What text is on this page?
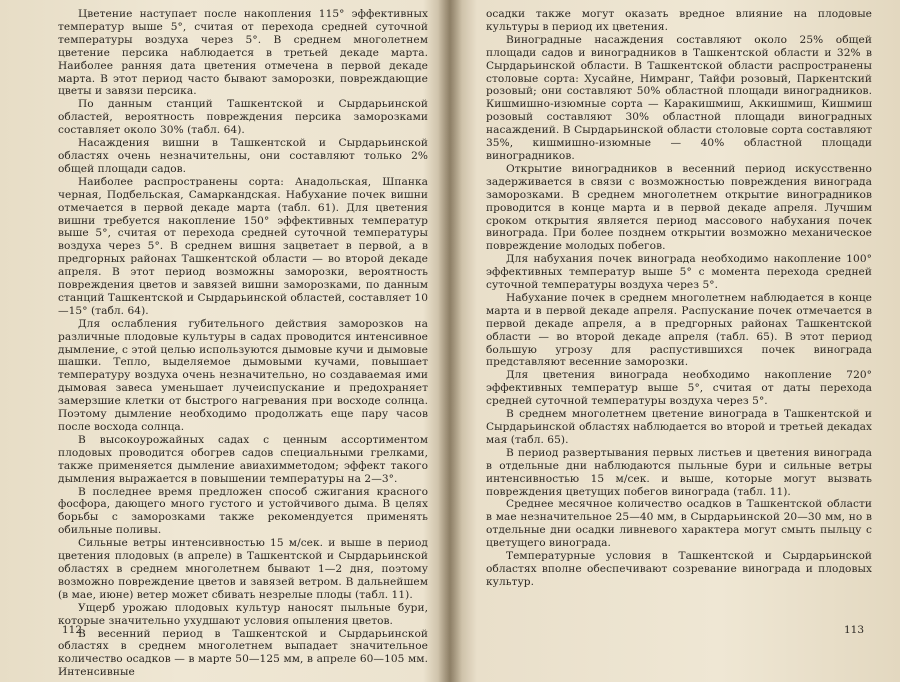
Цветение наступает после накопления 115° эффективных температур выше 5°, считая от перехода средней суточной температуры воздуха через 5°. В среднем многолетнем цветение персика наблюдается в третьей декаде марта. Наиболее ранняя дата цветения отмечена в первой декаде марта. В этот период часто бывают заморозки, повреждающие цветы и завязи персика.

По данным станций Ташкентской и Сырдарьинской областей, вероятность повреждения персика заморозками составляет около 30% (табл. 64).

Насаждения вишни в Ташкентской и Сырдарьинской областях очень незначительны, они составляют только 2% общей площади садов.

Наиболее распространены сорта: Анадольская, Шпанка черная, Подбельская, Самаркандская. Набухание почек вишни отмечается в первой декаде марта (табл. 61). Для цветения вишни требуется накопление 150° эффективных температур выше 5°, считая от перехода средней суточной температуры воздуха через 5°. В среднем вишня зацветает в первой, а в предгорных районах Ташкентской области — во второй декаде апреля. В этот период возможны заморозки, вероятность повреждения цветов и завязей вишни заморозками, по данным станций Ташкентской и Сырдарьинской областей, составляет 10—15° (табл. 64).

Для ослабления губительного действия заморозков на различные плодовые культуры в садах проводится интенсивное дымление, с этой целью используются дымовые кучи и дымовые шашки. Тепло, выделяемое дымовыми кучами, повышает температуру воздуха очень незначительно, но создаваемая ими дымовая завеса уменьшает лучеиспускание и предохраняет замерзшие клетки от быстрого нагревания при восходе солнца. Поэтому дымление необходимо продолжать еще пару часов после восхода солнца.

В высокоурожайных садах с ценным ассортиментом плодовых проводится обогрев садов специальными грелками, также применяется дымление авиахимметодом; эффект такого дымления выражается в повышении температуры на 2—3°.

В последнее время предложен способ сжигания красного фосфора, дающего много густого и устойчивого дыма. В целях борьбы с заморозками также рекомендуется применять обильные поливы.

Сильные ветры интенсивностью 15 м/сек. и выше в период цветения плодовых (в апреле) в Ташкентской и Сырдарьинской областях в среднем многолетнем бывают 1—2 дня, поэтому возможно повреждение цветов и завязей ветром. В дальнейшем (в мае, июне) ветер может сбивать незрелые плоды (табл. 11).

Ущерб урожаю плодовых культур наносят пыльные бури, которые значительно ухудшают условия опыления цветов.

В весенний период в Ташкентской и Сырдарьинской областях в среднем многолетнем выпадает значительное количество осадков — в марте 50—125 мм, в апреле 60—105 мм. Интенсивные

112

осадки также могут оказать вредное влияние на плодовые культуры в период их цветения.

Виноградные насаждения составляют около 25% общей площади садов и виноградников в Ташкентской области и 32% в Сырдарьинской области. В Ташкентской области распространены столовые сорта: Хусайне, Нимранг, Тайфи розовый, Паркентский розовый; они составляют 50% областной площади виноградников. Кишмишно-изюмные сорта — Каракишмиш, Аккишмиш, Кишмиш розовый составляют 30% областной площади виноградных насаждений. В Сырдарьинской области столовые сорта составляют 35%, кишмишно-изюмные — 40% областной площади виноградников.

Открытие виноградников в весенний период искусственно задерживается в связи с возможностью повреждения винограда заморозками. В среднем многолетнем открытие виноградников проводится в конце марта и в первой декаде апреля. Лучшим сроком открытия является период массового набухания почек винограда. При более позднем открытии возможно механическое повреждение молодых побегов.

Для набухания почек винограда необходимо накопление 100° эффективных температур выше 5° с момента перехода средней суточной температуры воздуха через 5°.

Набухание почек в среднем многолетнем наблюдается в конце марта и в первой декаде апреля. Распускание почек отмечается в первой декаде апреля, а в предгорных районах Ташкентской области — во второй декаде апреля (табл. 65). В этот период большую угрозу для распустившихся почек винограда представляют весенние заморозки.

Для цветения винограда необходимо накопление 720° эффективных температур выше 5°, считая от даты перехода средней суточной температуры воздуха через 5°.

В среднем многолетнем цветение винограда в Ташкентской и Сырдарьинской областях наблюдается во второй и третьей декадах мая (табл. 65).

В период развертывания первых листьев и цветения винограда в отдельные дни наблюдаются пыльные бури и сильные ветры интенсивностью 15 м/сек. и выше, которые могут вызвать повреждения цветущих побегов винограда (табл. 11).

Среднее месячное количество осадков в Ташкентской области в мае незначительное 25—40 мм, в Сырдарьинской 20—30 мм, но в отдельные дни осадки ливневого характера могут смыть пыльцу с цветущего винограда.

Температурные условия в Ташкентской и Сырдарьинской областях вполне обеспечивают созревание винограда и плодовых культур.

113
